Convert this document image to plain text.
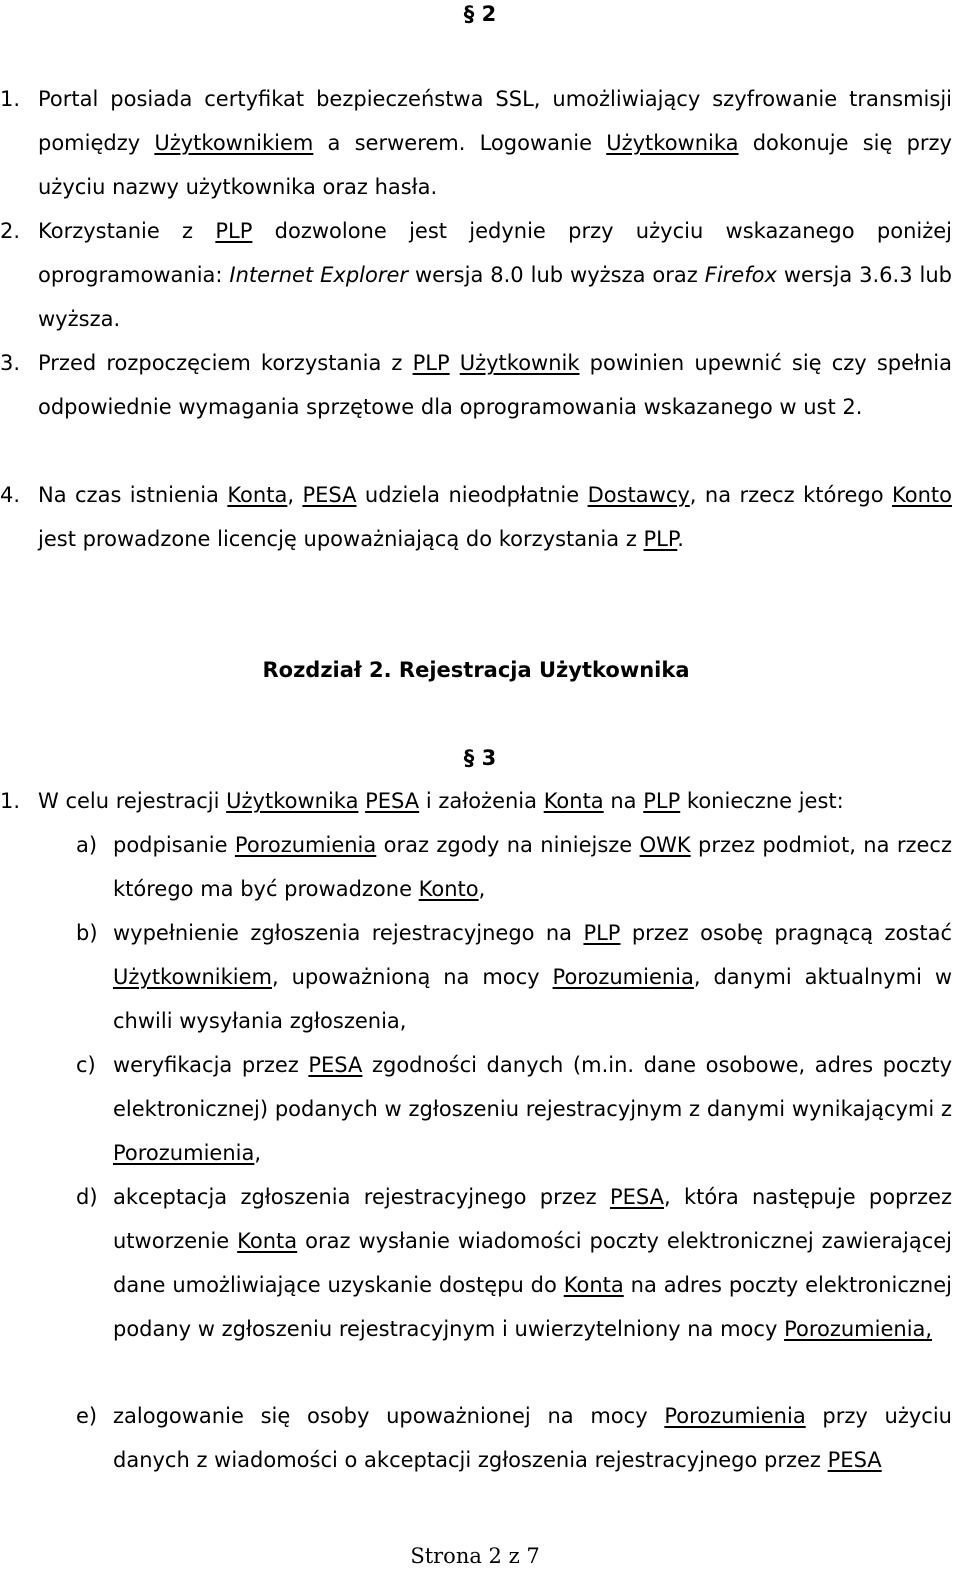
§ 2
1. Portal posiada certyfikat bezpieczeństwa SSL, umożliwiający szyfrowanie transmisji pomiędzy Użytkownikiem a serwerem. Logowanie Użytkownika dokonuje się przy użyciu nazwy użytkownika oraz hasła.
2. Korzystanie z PLP dozwolone jest jedynie przy użyciu wskazanego poniżej oprogramowania: Internet Explorer wersja 8.0 lub wyższa oraz Firefox wersja 3.6.3 lub wyższa.
3. Przed rozpoczęciem korzystania z PLP Użytkownik powinien upewnić się czy spełnia odpowiednie wymagania sprzętowe dla oprogramowania wskazanego w ust 2.
4. Na czas istnienia Konta, PESA udziela nieodpłatnie Dostawcy, na rzecz którego Konto jest prowadzone licencję upoważniającą do korzystania z PLP.
Rozdział 2. Rejestracja Użytkownika
§ 3
1. W celu rejestracji Użytkownika PESA i założenia Konta na PLP konieczne jest:
a) podpisanie Porozumienia oraz zgody na niniejsze OWK przez podmiot, na rzecz którego ma być prowadzone Konto,
b) wypełnienie zgłoszenia rejestracyjnego na PLP przez osobę pragnącą zostać Użytkownikiem, upoważnioną na mocy Porozumienia, danymi aktualnymi w chwili wysyłania zgłoszenia,
c) weryfikacja przez PESA zgodności danych (m.in. dane osobowe, adres poczty elektronicznej) podanych w zgłoszeniu rejestracyjnym z danymi wynikającymi z Porozumienia,
d) akceptacja zgłoszenia rejestracyjnego przez PESA, która następuje poprzez utworzenie Konta oraz wysłanie wiadomości poczty elektronicznej zawierającej dane umożliwiające uzyskanie dostępu do Konta na adres poczty elektronicznej podany w zgłoszeniu rejestracyjnym i uwierzytelniony na mocy Porozumienia,
e) zalogowanie się osoby upoważnionej na mocy Porozumienia przy użyciu danych z wiadomości o akceptacji zgłoszenia rejestracyjnego przez PESA
Strona 2 z 7
